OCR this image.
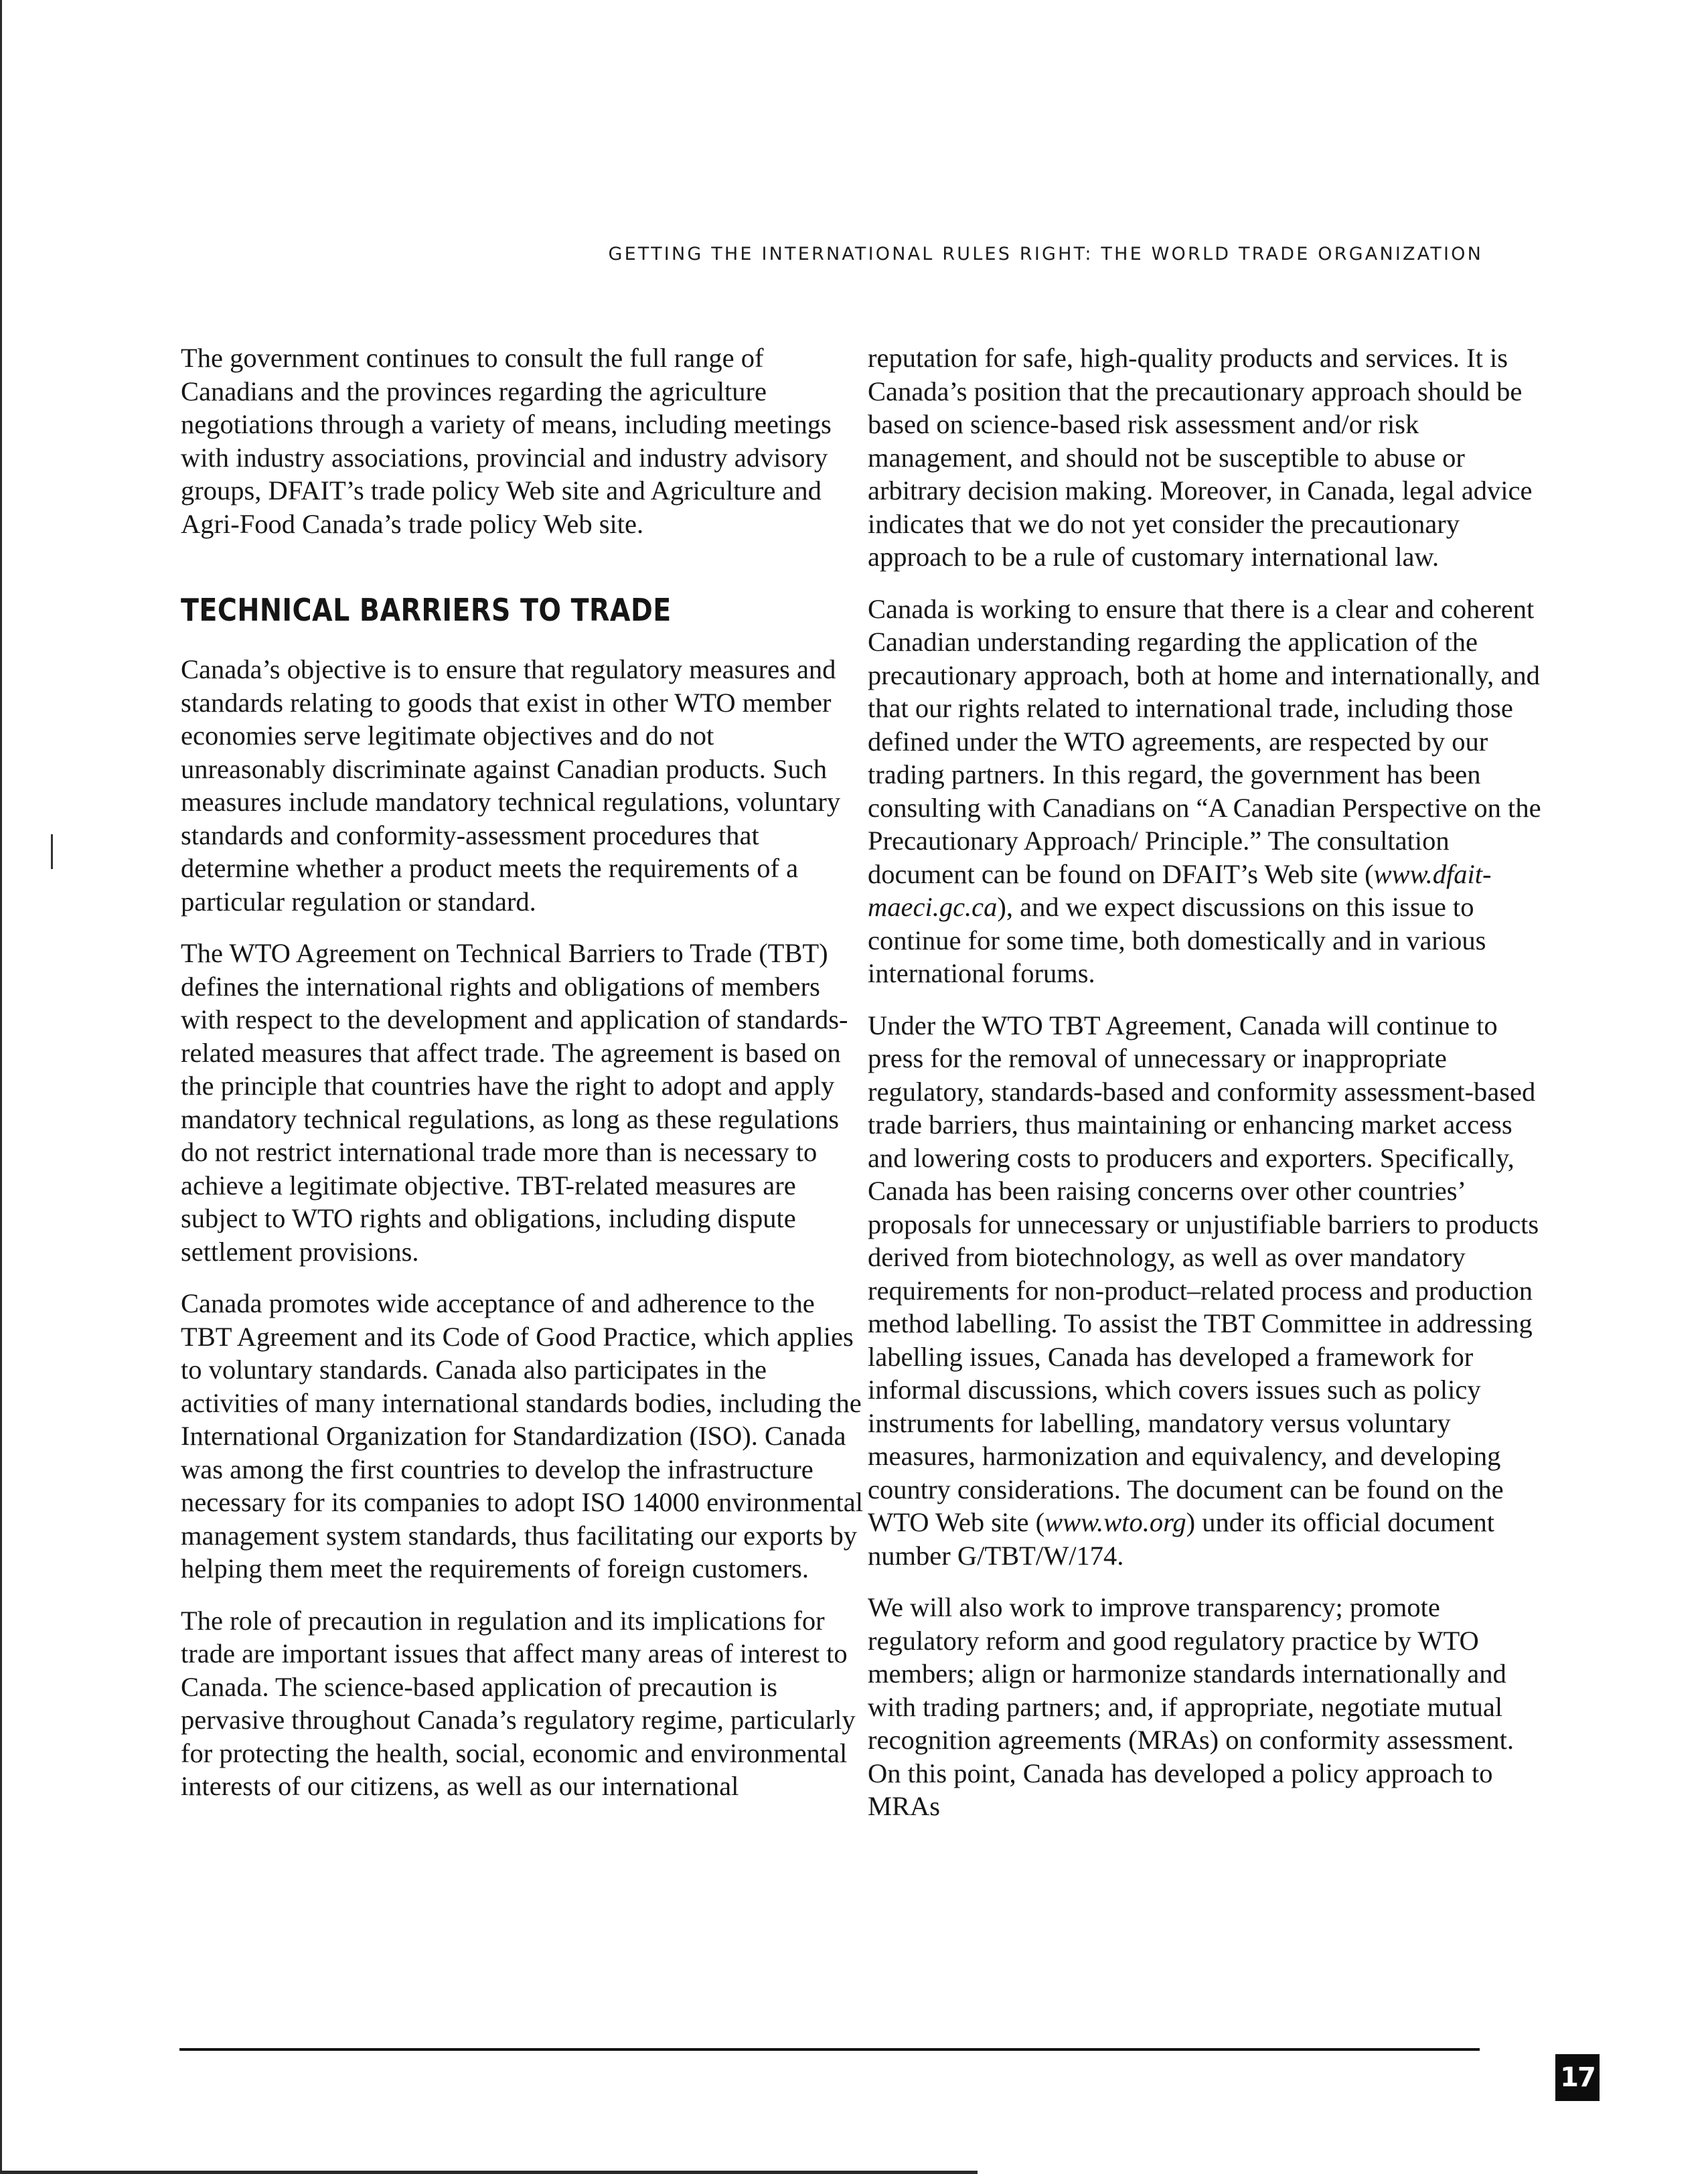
GETTING THE INTERNATIONAL RULES RIGHT: THE WORLD TRADE ORGANIZATION

The government continues to consult the full range of Canadians and the provinces regarding the agriculture negotiations through a variety of means, including meetings with industry associations, provincial and industry advisory groups, DFAIT’s trade policy Web site and Agriculture and Agri-Food Canada’s trade policy Web site.

TECHNICAL BARRIERS TO TRADE

Canada’s objective is to ensure that regulatory measures and standards relating to goods that exist in other WTO member economies serve legitimate objectives and do not unreasonably discriminate against Canadian products. Such measures include mandatory technical regulations, voluntary standards and conformity-assessment procedures that determine whether a product meets the requirements of a particular regulation or standard.

The WTO Agreement on Technical Barriers to Trade (TBT) defines the international rights and obligations of members with respect to the development and application of standards-related measures that affect trade. The agreement is based on the principle that countries have the right to adopt and apply mandatory technical regulations, as long as these regulations do not restrict international trade more than is necessary to achieve a legitimate objective. TBT-related measures are subject to WTO rights and obligations, including dispute settlement provisions.

Canada promotes wide acceptance of and adherence to the TBT Agreement and its Code of Good Practice, which applies to voluntary standards. Canada also participates in the activities of many international standards bodies, including the International Organization for Standardization (ISO). Canada was among the first countries to develop the infrastructure necessary for its companies to adopt ISO 14000 environmental management system standards, thus facilitating our exports by helping them meet the requirements of foreign customers.

The role of precaution in regulation and its implications for trade are important issues that affect many areas of interest to Canada. The science-based application of precaution is pervasive throughout Canada’s regulatory regime, particularly for protecting the health, social, economic and environmental interests of our citizens, as well as our international

reputation for safe, high-quality products and services. It is Canada’s position that the precautionary approach should be based on science-based risk assessment and/or risk management, and should not be susceptible to abuse or arbitrary decision making. Moreover, in Canada, legal advice indicates that we do not yet consider the precautionary approach to be a rule of customary international law.

Canada is working to ensure that there is a clear and coherent Canadian understanding regarding the application of the precautionary approach, both at home and internationally, and that our rights related to international trade, including those defined under the WTO agreements, are respected by our trading partners. In this regard, the government has been consulting with Canadians on “A Canadian Perspective on the Precautionary Approach/ Principle.” The consultation document can be found on DFAIT’s Web site (www.dfait-maeci.gc.ca), and we expect discussions on this issue to continue for some time, both domestically and in various international forums.

Under the WTO TBT Agreement, Canada will continue to press for the removal of unnecessary or inappropriate regulatory, standards-based and conformity assessment-based trade barriers, thus maintaining or enhancing market access and lowering costs to producers and exporters. Specifically, Canada has been raising concerns over other countries’ proposals for unnecessary or unjustifiable barriers to products derived from biotechnology, as well as over mandatory requirements for non-product–related process and production method labelling. To assist the TBT Committee in addressing labelling issues, Canada has developed a framework for informal discussions, which covers issues such as policy instruments for labelling, mandatory versus voluntary measures, harmonization and equivalency, and developing country considerations. The document can be found on the WTO Web site (www.wto.org) under its official document number G/TBT/W/174.

We will also work to improve transparency; promote regulatory reform and good regulatory practice by WTO members; align or harmonize standards internationally and with trading partners; and, if appropriate, negotiate mutual recognition agreements (MRAs) on conformity assessment. On this point, Canada has developed a policy approach to MRAs

17
